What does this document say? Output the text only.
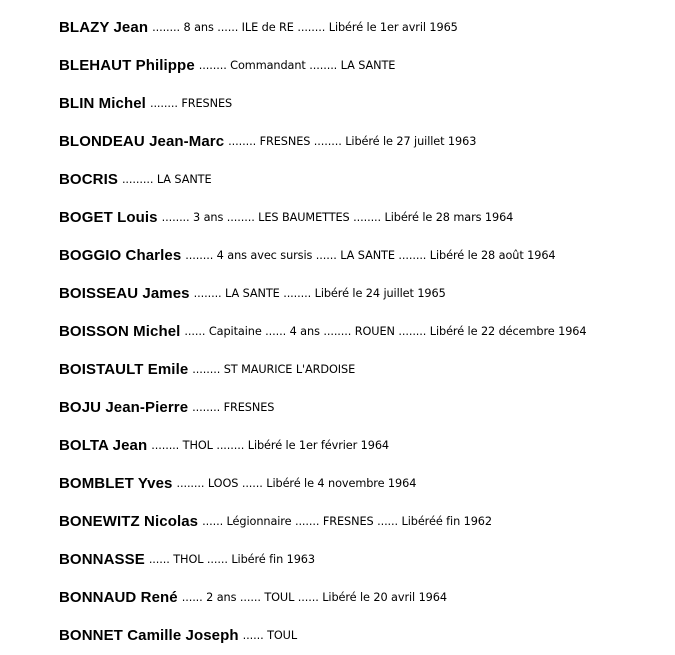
BLAZY Jean ........ 8 ans ...... ILE de RE ........ Libéré le 1er avril 1965
BLEHAUT Philippe ........ Commandant ........ LA SANTE
BLIN Michel ........ FRESNES
BLONDEAU Jean-Marc ........ FRESNES ........ Libéré le 27 juillet 1963
BOCRIS ......... LA SANTE
BOGET Louis ........ 3 ans ........ LES BAUMETTES ........ Libéré le 28 mars 1964
BOGGIO Charles ........ 4 ans avec sursis ...... LA SANTE ........ Libéré le 28 août 1964
BOISSEAU James ........ LA SANTE ........ Libéré le 24 juillet 1965
BOISSON Michel ...... Capitaine ...... 4 ans ........ ROUEN ........ Libéré le 22 décembre 1964
BOISTAULT Emile ........ ST MAURICE L'ARDOISE
BOJU Jean-Pierre ........ FRESNES
BOLTA Jean ........ THOL ........ Libéré le 1er février 1964
BOMBLET Yves ........ LOOS ...... Libéré le 4 novembre 1964
BONEWITZ Nicolas ...... Légionnaire ....... FRESNES ...... Libéréé fin 1962
BONNASSE ...... THOL ...... Libéré fin 1963
BONNAUD René ...... 2 ans ...... TOUL ...... Libéré le 20 avril 1964
BONNET Camille Joseph ...... TOUL
